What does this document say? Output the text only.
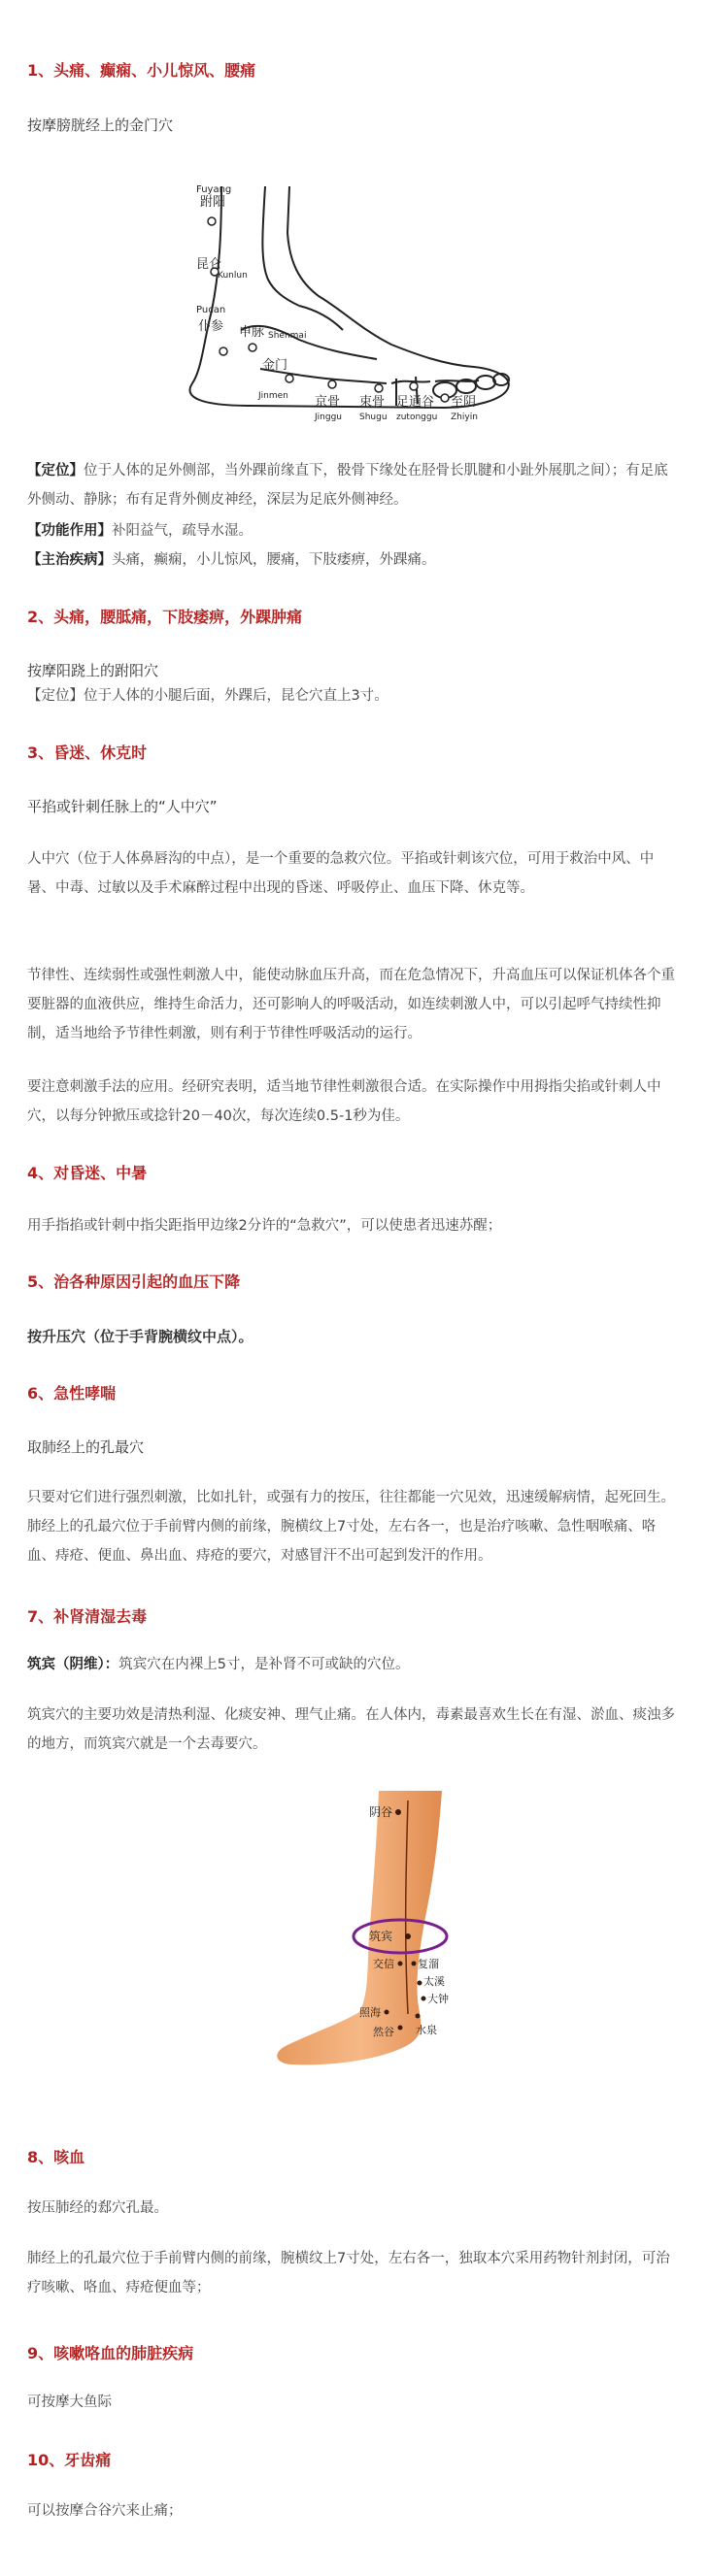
1、头痛、癫痫、小儿惊风、腰痛
按摩膀胱经上的金门穴
Fuyang
跗阳
昆仑
Kunlun
Pucan
仆参 申脉 Shenmai
金门
Jinmen 京骨
Jinggu
束骨
Shugu
足通谷
zutonggu
至阴
Zhiyin
【定位】位于人体的足外侧部，当外踝前缘直下，骰骨下缘处在胫骨长肌腱和小趾外展肌之间）；有足底外侧动、静脉；布有足背外侧皮神经，深层为足底外侧神经。
【功能作用】补阳益气，疏导水湿。
【主治疾病】头痛，癫痫，小儿惊风，腰痛，下肢痿痹，外踝痛。
2、头痛，腰胝痛，下肢痿痹，外踝肿痛
按摩阳跷上的跗阳穴
【定位】位于人体的小腿后面，外踝后，昆仑穴直上3寸。
3、昏迷、休克时
平掐或针刺任脉上的“人中穴”
人中穴（位于人体鼻唇沟的中点），是一个重要的急救穴位。平掐或针刺该穴位，可用于救治中风、中暑、中毒、过敏以及手术麻醉过程中出现的昏迷、呼吸停止、血压下降、休克等。
节律性、连续弱性或强性刺激人中，能使动脉血压升高，而在危急情况下，升高血压可以保证机体各个重要脏器的血液供应，维持生命活力，还可影响人的呼吸活动，如连续刺激人中，可以引起呼气持续性抑制，适当地给予节律性刺激，则有利于节律性呼吸活动的运行。
要注意刺激手法的应用。经研究表明，适当地节律性刺激很合适。在实际操作中用拇指尖掐或针刺人中穴，以每分钟掀压或捻针20－40次，每次连续0.5-1秒为佳。
4、对昏迷、中暑
用手指掐或针刺中指尖距指甲边缘2分许的“急救穴”，可以使患者迅速苏醒；
5、治各种原因引起的血压下降
按升压穴（位于手背腕横纹中点）。
6、急性哮喘
取肺经上的孔最穴
只要对它们进行强烈刺激，比如扎针，或强有力的按压，往往都能一穴见效，迅速缓解病情，起死回生。肺经上的孔最穴位于手前臂内侧的前缘，腕横纹上7寸处，左右各一，也是治疗咳嗽、急性咽喉痛、咯血、痔疮、便血、鼻出血、痔疮的要穴，对感冒汗不出可起到发汗的作用。
7、补肾清湿去毒
筑宾（阴维）：筑宾穴在内裸上5寸，是补肾不可或缺的穴位。
筑宾穴的主要功效是清热利湿、化痰安神、理气止痛。在人体内，毒素最喜欢生长在有湿、淤血、痰浊多的地方，而筑宾穴就是一个去毒要穴。
阴谷
筑宾
交信 复溜
太溪
大钟
照海
然谷 水泉
8、咳血
按压肺经的郄穴孔最。
肺经上的孔最穴位于手前臂内侧的前缘，腕横纹上7寸处，左右各一，独取本穴采用药物针剂封闭，可治疗咳嗽、咯血、痔疮便血等；
9、咳嗽咯血的肺脏疾病
可按摩大鱼际
10、牙齿痛
可以按摩合谷穴来止痛；
